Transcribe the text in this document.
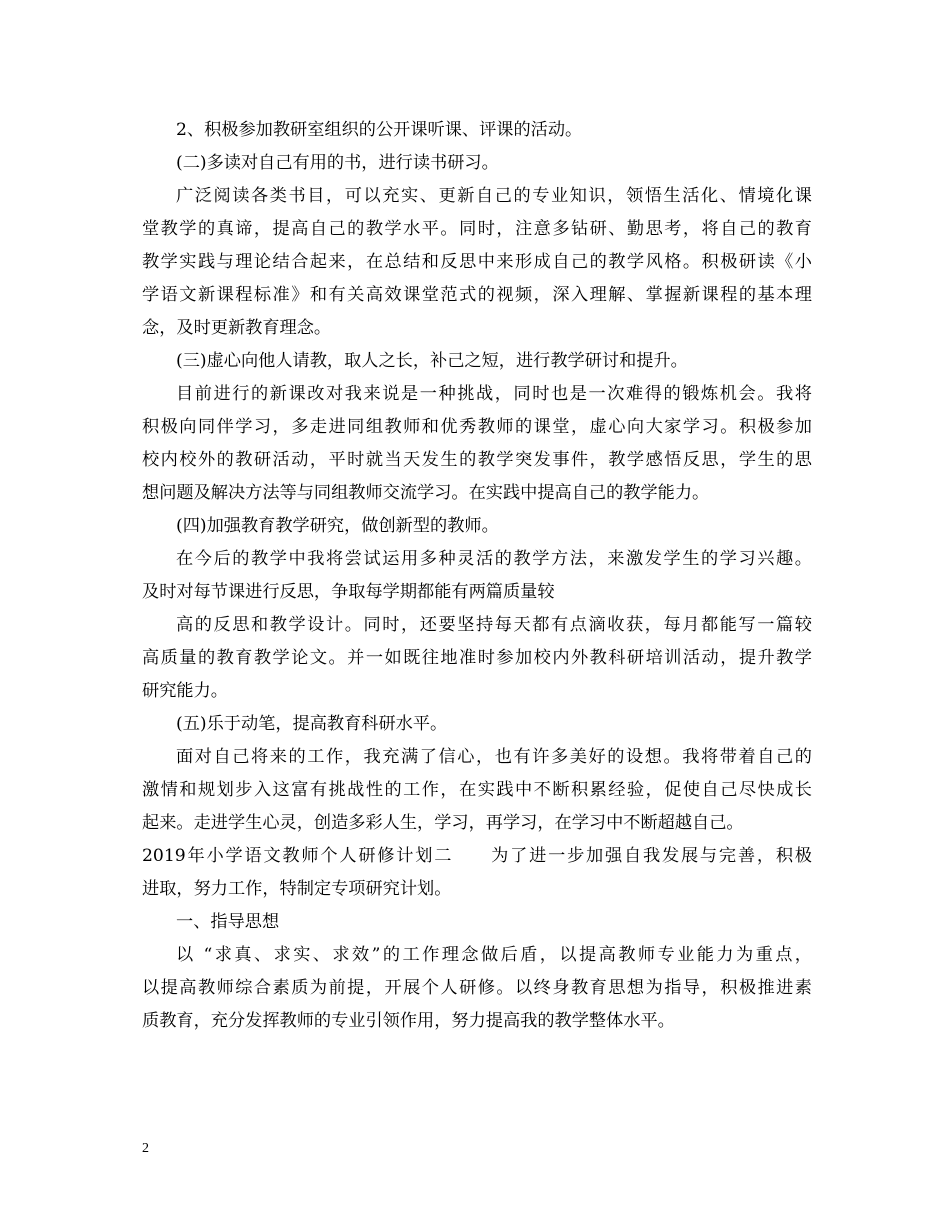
2、积极参加教研室组织的公开课听课、评课的活动。
(二)多读对自己有用的书，进行读书研习。
广泛阅读各类书目，可以充实、更新自己的专业知识，领悟生活化、情境化课
堂教学的真谛，提高自己的教学水平。同时，注意多钻研、勤思考，将自己的教育
教学实践与理论结合起来，在总结和反思中来形成自己的教学风格。积极研读《小
学语文新课程标准》和有关高效课堂范式的视频，深入理解、掌握新课程的基本理
念，及时更新教育理念。
(三)虚心向他人请教，取人之长，补己之短，进行教学研讨和提升。
目前进行的新课改对我来说是一种挑战，同时也是一次难得的锻炼机会。我将
积极向同伴学习，多走进同组教师和优秀教师的课堂，虚心向大家学习。积极参加
校内校外的教研活动，平时就当天发生的教学突发事件，教学感悟反思，学生的思
想问题及解决方法等与同组教师交流学习。在实践中提高自己的教学能力。
(四)加强教育教学研究，做创新型的教师。
在今后的教学中我将尝试运用多种灵活的教学方法，来激发学生的学习兴趣。
及时对每节课进行反思，争取每学期都能有两篇质量较
高的反思和教学设计。同时，还要坚持每天都有点滴收获，每月都能写一篇较
高质量的教育教学论文。并一如既往地准时参加校内外教科研培训活动，提升教学
研究能力。
(五)乐于动笔，提高教育科研水平。
面对自己将来的工作，我充满了信心，也有许多美好的设想。我将带着自己的
激情和规划步入这富有挑战性的工作，在实践中不断积累经验，促使自己尽快成长
起来。走进学生心灵，创造多彩人生，学习，再学习，在学习中不断超越自己。
2019年小学语文教师个人研修计划二　　为了进一步加强自我发展与完善，积极
进取，努力工作，特制定专项研究计划。
一、指导思想
以 “求真、求实、求效”的工作理念做后盾，以提高教师专业能力为重点，
以提高教师综合素质为前提，开展个人研修。以终身教育思想为指导，积极推进素
质教育，充分发挥教师的专业引领作用，努力提高我的教学整体水平。
2
